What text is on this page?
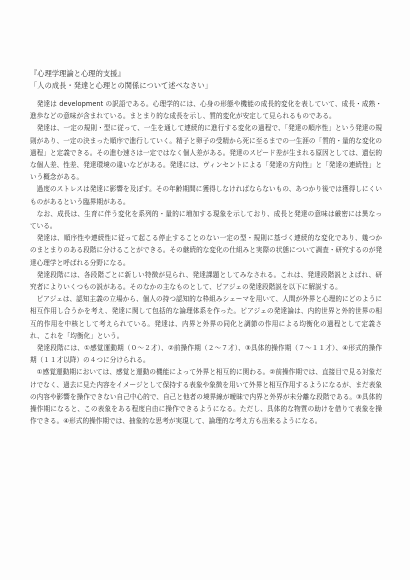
『心理学理論と心理的支援』

「人の成長・発達と心理との関係について述べなさい」

　発達は development の訳語である。心理学的には、心身の形態や機能の成長的変化を表していて、成長・成熟・進歩などの意味が含まれている。まとまり的な成長を示し、質的変化が安定して見られるものである。

　発達は、一定の規則・型に従って、一生を通して連続的に進行する変化の過程で、「発達の順序性」という発達の規則があり、一定の決まった順序で進行していく。精子と卵子の受精から死に至るまでの一生涯の「質的・量的な変化の過程」と定義できる。その進む速さは一定ではなく個人差がある。発達のスピード差が生まれる原因としては、遺伝的な個人差、性差、発達環境の違いなどがある。発達には、ヴィンセントによる「発達の方向性」と「発達の連続性」という概念がある。

　過度のストレスは発達に影響を及ぼす。その年齢期間に獲得しなければならないもの、あつかり後では獲得しにくいものがあるという臨界期がある。

　なお、成長は、生育に伴う変化を系列的・量的に増加する現象を示しており、成長と発達の意味は厳密には異なっている。

　発達は、順序性や連続性に従って起こる停止することのない一定の型・規則に基づく連続的な変化であり、幾つかのまとまりのある段階に分けることができる。その継続的な変化の仕組みと実際の状態について調査・研究するのが発達心理学と呼ばれる分野になる。

　発達段階には、各段階ごとに新しい特徴が見られ、発達課題としてみなされる。これは、発達段階説とよばれ、研究者によりいくつもの説がある。そのなかの主なものとして、ピアジェの発達段階説を以下に解説する。

　ピアジェは、認知主義の立場から、個人の持つ認知的な枠組みシェーマを用いて、人間が外界と心理的にどのように相互作用し合うかを考え、発達に関して包括的な論理体系を作った。ピアジェの発達論は、内的世界と外的世界の相互的作用を中核として考えられている。発達は、内界と外界の同化と調節の作用による均衡化の過程として定義され、これを「均衡化」という。

　発達段階には、①感覚運動期（０～２才）、②前操作期（２～７才）、③具体的操作期（７～１１才）、④形式的操作期（１１才以降）の４つに分けられる。

　①感覚運動期においては、感覚と運動の機能によって外界と相互的に関わる。②前操作期では、直接目で見る対象だけでなく、過去に見た内容をイメージとして保持する表象や象徴を用いて外界と相互作用するようになるが、まだ表象の内容や影響を操作できない自己中心的で、自己と他者の境界線が曖昧で内界と外界が未分離な段階である。③具体的操作期になると、この表象をある程度自由に操作できるようになる。ただし、具体的な物質の助けを借りて表象を操作できる。④形式的操作期では、抽象的な思考が実現して、論理的な考え方も出来るようになる。
